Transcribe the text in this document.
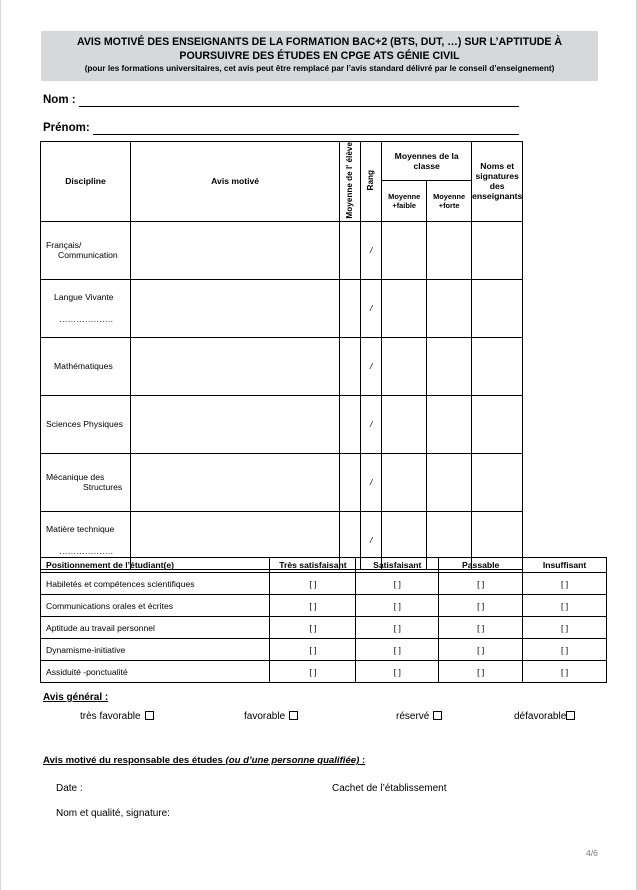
AVIS MOTIVÉ DES ENSEIGNANTS DE LA FORMATION BAC+2 (BTS, DUT, …) SUR L’APTITUDE À
POURSUIVRE DES ÉTUDES EN CPGE ATS GÉNIE CIVIL
(pour les formations universitaires, cet avis peut être remplacé par l’avis standard délivré par le conseil d’enseignement)
Nom :
Prénom:
Discipline	Avis motivé	Moyenne de l' élève	Rang	Moyennes de la classe		Noms et signatures des enseignants
				Moyenne +faible	Moyenne +forte	

Français/
Communication			/			

Langue Vivante
……………….			/			

Mathématiques			/			

Sciences Physiques			/			

Mécanique des
Structures			/			

Matière technique
……………….			/			
Positionnement de l’étudiant(e)	Très satisfaisant	Satisfaisant	Passable	Insuffisant
Habiletés et compétences scientifiques	[ ]	[ ]	[ ]	[ ]
Communications orales et écrites	[ ]	[ ]	[ ]	[ ]
Aptitude au travail personnel	[ ]	[ ]	[ ]	[ ]
Dynamisme-initiative	[ ]	[ ]	[ ]	[ ]
Assiduité -ponctualité	[ ]	[ ]	[ ]	[ ]
Avis général :
très favorable	favorable	réservé	défavorable
Avis motivé du responsable des études (ou d’une personne qualifiée) :
Date :	Cachet de l’établissement
Nom et qualité, signature:
4/6
